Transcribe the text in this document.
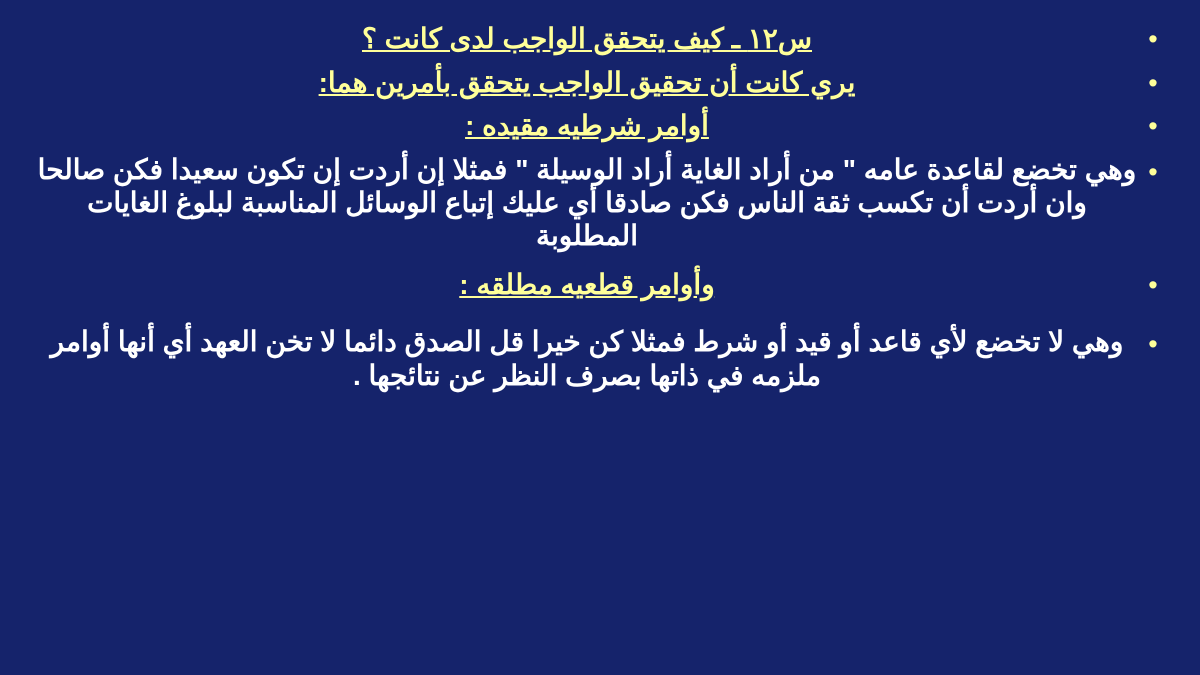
•
س١٢ ـ كيف يتحقق الواجب لدى كانت ؟
•
يري كانت أن تحقيق الواجب يتحقق بأمرين هما:
•
أوامر شرطيه مقيده :
•
وهي تخضع لقاعدة عامه " من أراد الغاية أراد الوسيلة " فمثلا إن أردت إن تكون سعيدا فكن صالحا وان أردت أن تكسب ثقة الناس فكن صادقا أي عليك إتباع الوسائل المناسبة لبلوغ الغايات المطلوبة
•
وأوامر قطعيه مطلقه :
•
وهي لا تخضع لأي قاعد أو قيد أو شرط فمثلا كن خيرا قل الصدق دائما لا تخن العهد أي أنها أوامر ملزمه في ذاتها بصرف النظر عن نتائجها .
